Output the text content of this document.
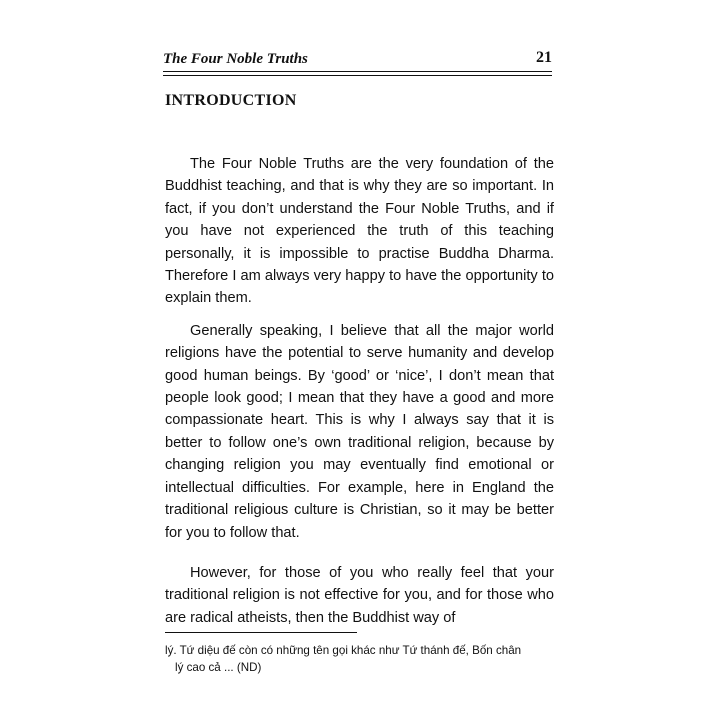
The Four Noble Truths	21
INTRODUCTION

The Four Noble Truths are the very foundation of the Buddhist teaching, and that is why they are so important. In fact, if you don’t understand the Four Noble Truths, and if you have not experienced the truth of this teaching personally, it is impossible to practise Buddha Dharma. Therefore I am always very happy to have the opportunity to explain them.

Generally speaking, I believe that all the major world religions have the potential to serve humanity and develop good human beings. By ‘good’ or ‘nice’, I don’t mean that people look good; I mean that they have a good and more compassionate heart. This is why I always say that it is better to follow one’s own traditional religion, because by changing religion you may eventually find emotional or intellectual difficulties. For example, here in England the traditional religious culture is Christian, so it may be better for you to follow that.

However, for those of you who really feel that your traditional religion is not effective for you, and for those who are radical atheists, then the Buddhist way of

lý. Tứ diệu đế còn có những tên gọi khác như Tứ thánh đế, Bốn chân
lý cao cả ... (ND)
